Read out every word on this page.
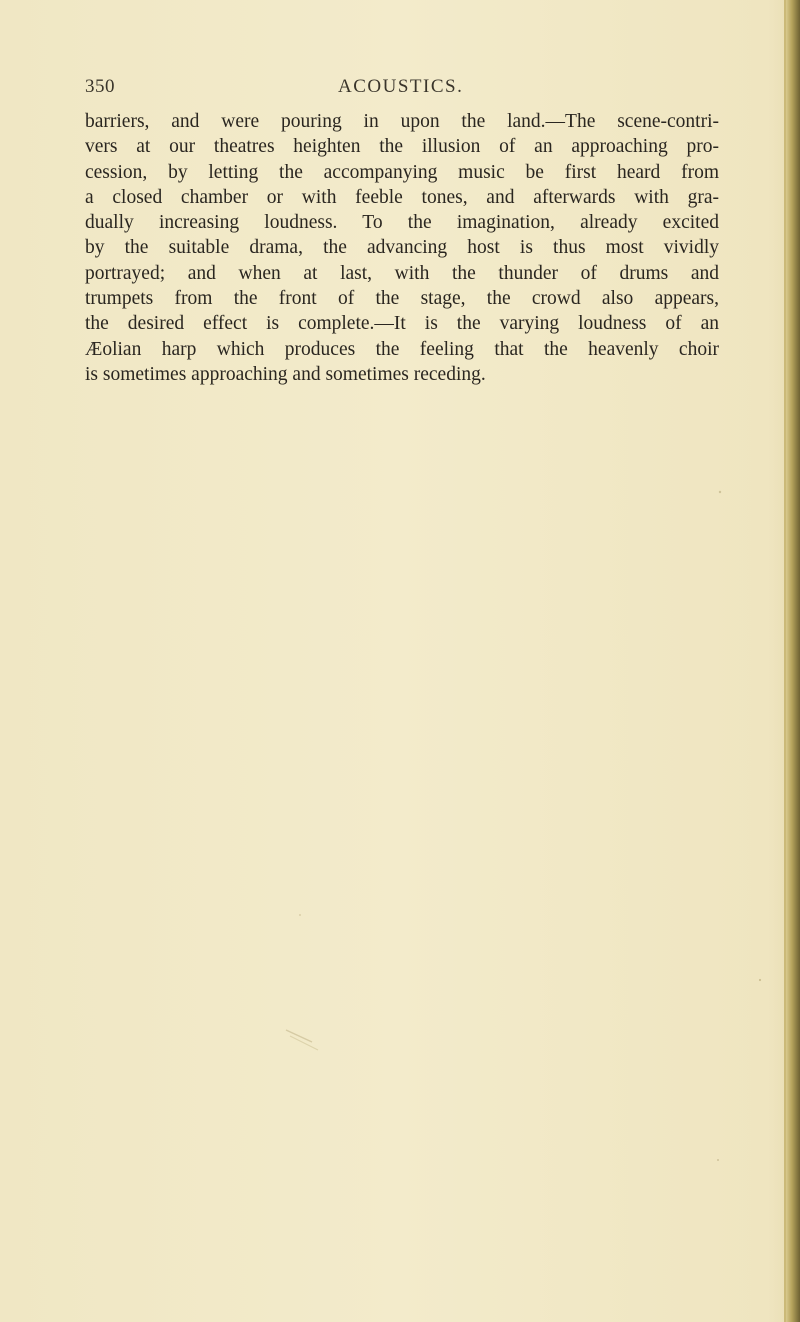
350	ACOUSTICS.
barriers, and were pouring in upon the land.—The scene-contri-
vers at our theatres heighten the illusion of an approaching pro-
cession, by letting the accompanying music be first heard from
a closed chamber or with feeble tones, and afterwards with gra-
dually increasing loudness. To the imagination, already excited
by the suitable drama, the advancing host is thus most vividly
portrayed; and when at last, with the thunder of drums and
trumpets from the front of the stage, the crowd also appears,
the desired effect is complete.—It is the varying loudness of an
Æolian harp which produces the feeling that the heavenly choir
is sometimes approaching and sometimes receding.
